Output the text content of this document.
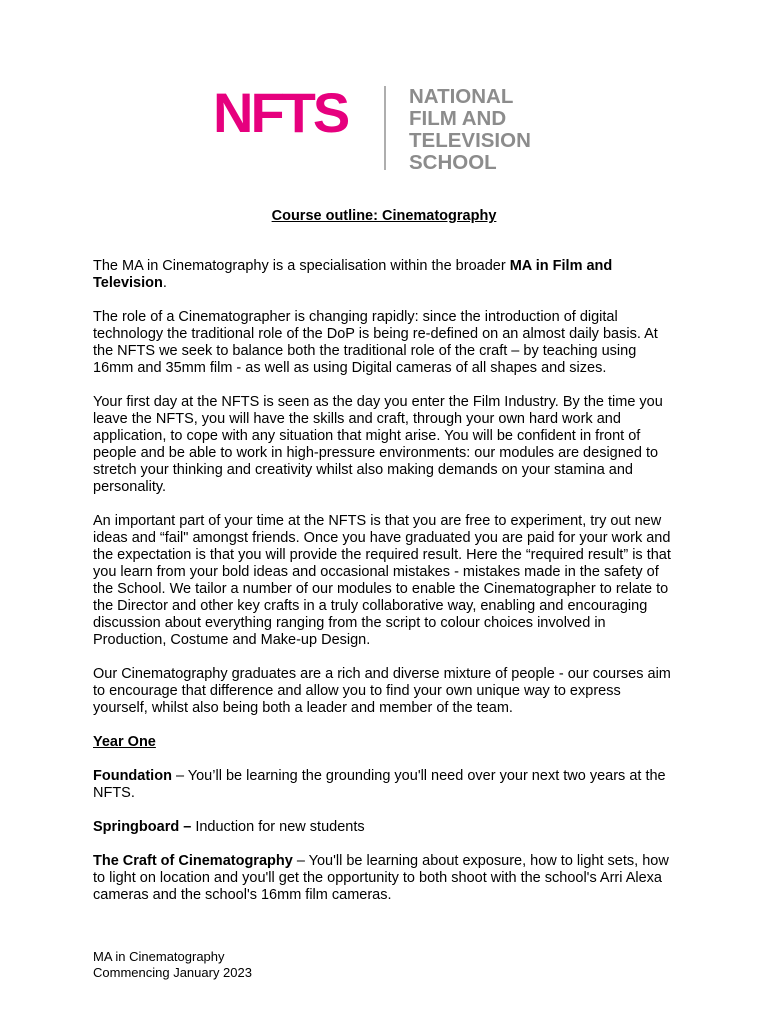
NFTS	NATIONAL
FILM AND
TELEVISION
SCHOOL
Course outline: Cinematography

The MA in Cinematography is a specialisation within the broader MA in Film and Television.

The role of a Cinematographer is changing rapidly: since the introduction of digital technology the traditional role of the DoP is being re-defined on an almost daily basis. At the NFTS we seek to balance both the traditional role of the craft – by teaching using 16mm and 35mm film - as well as using Digital cameras of all shapes and sizes.

Your first day at the NFTS is seen as the day you enter the Film Industry. By the time you leave the NFTS, you will have the skills and craft, through your own hard work and application, to cope with any situation that might arise. You will be confident in front of people and be able to work in high-pressure environments: our modules are designed to stretch your thinking and creativity whilst also making demands on your stamina and personality.

An important part of your time at the NFTS is that you are free to experiment, try out new ideas and “fail" amongst friends. Once you have graduated you are paid for your work and the expectation is that you will provide the required result. Here the “required result” is that you learn from your bold ideas and occasional mistakes - mistakes made in the safety of the School. We tailor a number of our modules to enable the Cinematographer to relate to the Director and other key crafts in a truly collaborative way, enabling and encouraging discussion about everything ranging from the script to colour choices involved in Production, Costume and Make-up Design.

Our Cinematography graduates are a rich and diverse mixture of people - our courses aim to encourage that difference and allow you to find your own unique way to express yourself, whilst also being both a leader and member of the team.

Year One

Foundation – You’ll be learning the grounding you'll need over your next two years at the NFTS.

Springboard – Induction for new students

The Craft of Cinematography – You'll be learning about exposure, how to light sets, how to light on location and you'll get the opportunity to both shoot with the school's Arri Alexa cameras and the school's 16mm film cameras.

MA in Cinematography
Commencing January 2023
